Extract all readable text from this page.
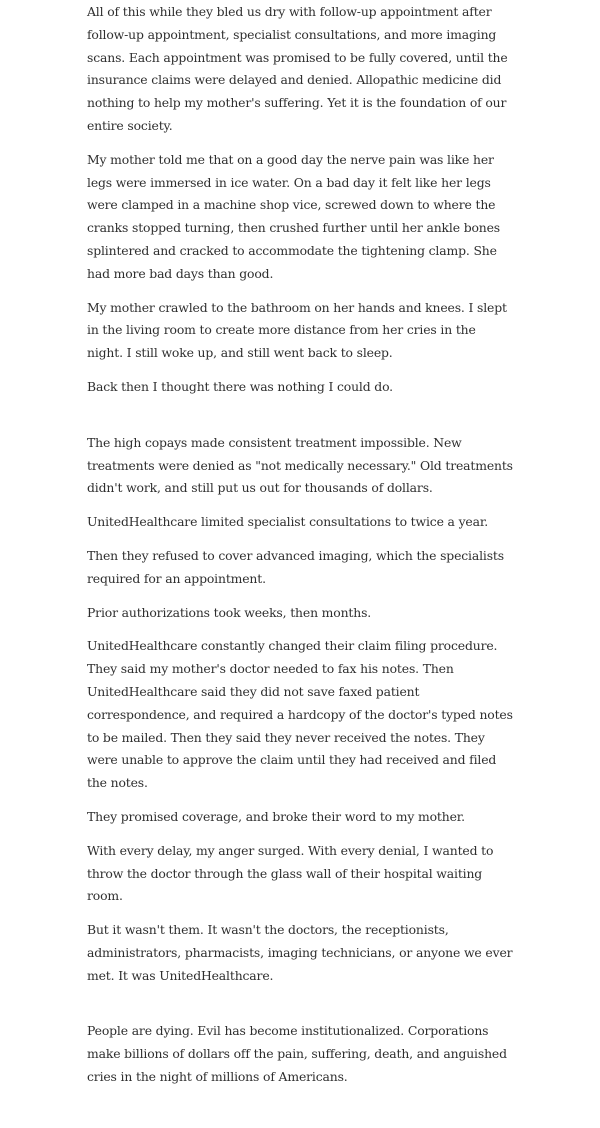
All of this while they bled us dry with follow-up appointment after follow-up appointment, specialist consultations, and more imaging scans. Each appointment was promised to be fully covered, until the insurance claims were delayed and denied. Allopathic medicine did nothing to help my mother's suffering. Yet it is the foundation of our entire society.

My mother told me that on a good day the nerve pain was like her legs were immersed in ice water. On a bad day it felt like her legs were clamped in a machine shop vice, screwed down to where the cranks stopped turning, then crushed further until her ankle bones splintered and cracked to accommodate the tightening clamp. She had more bad days than good.

My mother crawled to the bathroom on her hands and knees. I slept in the living room to create more distance from her cries in the night. I still woke up, and still went back to sleep.

Back then I thought there was nothing I could do.

The high copays made consistent treatment impossible. New treatments were denied as "not medically necessary." Old treatments didn't work, and still put us out for thousands of dollars.

UnitedHealthcare limited specialist consultations to twice a year.

Then they refused to cover advanced imaging, which the specialists required for an appointment.

Prior authorizations took weeks, then months.

UnitedHealthcare constantly changed their claim filing procedure. They said my mother's doctor needed to fax his notes. Then UnitedHealthcare said they did not save faxed patient correspondence, and required a hardcopy of the doctor's typed notes to be mailed. Then they said they never received the notes. They were unable to approve the claim until they had received and filed the notes.

They promised coverage, and broke their word to my mother.

With every delay, my anger surged. With every denial, I wanted to throw the doctor through the glass wall of their hospital waiting room.

But it wasn't them. It wasn't the doctors, the receptionists, administrators, pharmacists, imaging technicians, or anyone we ever met. It was UnitedHealthcare.

People are dying. Evil has become institutionalized. Corporations make billions of dollars off the pain, suffering, death, and anguished cries in the night of millions of Americans.
